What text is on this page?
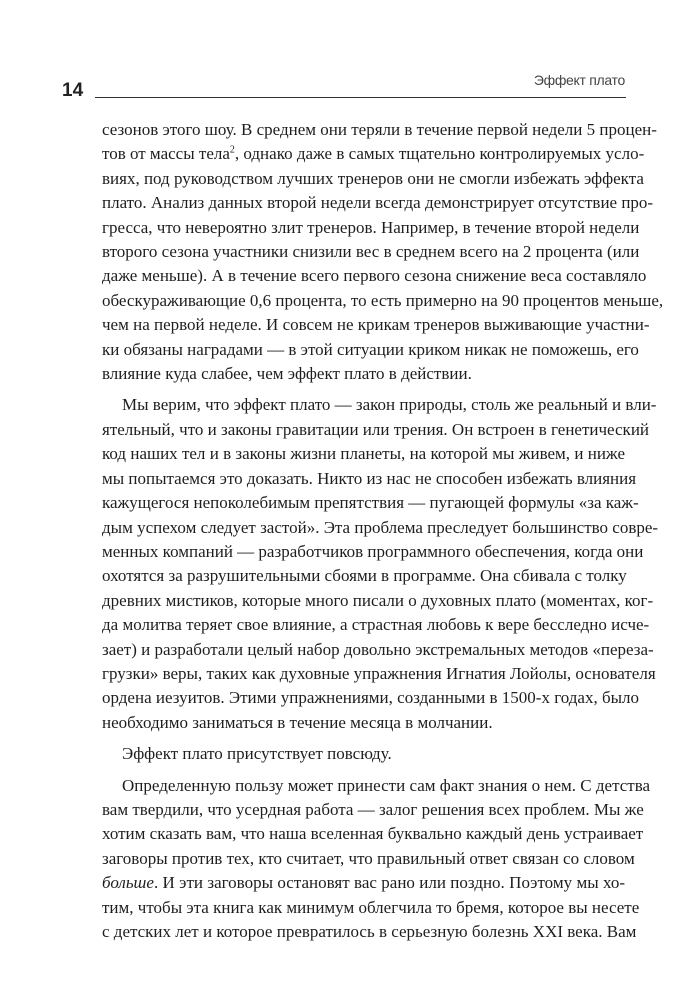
14	Эффект плато
сезонов этого шоу. В среднем они теряли в течение первой недели 5 процен-
тов от массы тела$^2$, однако даже в самых тщательно контролируемых усло-
виях, под руководством лучших тренеров они не смогли избежать эффекта
плато. Анализ данных второй недели всегда демонстрирует отсутствие про-
гресса, что невероятно злит тренеров. Например, в течение второй недели
второго сезона участники снизили вес в среднем всего на 2 процента (или
даже меньше). А в течение всего первого сезона снижение веса составляло
обескураживающие 0,6 процента, то есть примерно на 90 процентов меньше,
чем на первой неделе. И совсем не крикам тренеров выживающие участни-
ки обязаны наградами — в этой ситуации криком никак не поможешь, его
влияние куда слабее, чем эффект плато в действии.
Мы верим, что эффект плато — закон природы, столь же реальный и вли-
ятельный, что и законы гравитации или трения. Он встроен в генетический
код наших тел и в законы жизни планеты, на которой мы живем, и ниже
мы попытаемся это доказать. Никто из нас не способен избежать влияния
кажущегося непоколебимым препятствия — пугающей формулы «за каж-
дым успехом следует застой». Эта проблема преследует большинство совре-
менных компаний — разработчиков программного обеспечения, когда они
охотятся за разрушительными сбоями в программе. Она сбивала с толку
древних мистиков, которые много писали о духовных плато (моментах, ког-
да молитва теряет свое влияние, а страстная любовь к вере бесследно исче-
зает) и разработали целый набор довольно экстремальных методов «переза-
грузки» веры, таких как духовные упражнения Игнатия Лойолы, основателя
ордена иезуитов. Этими упражнениями, созданными в 1500-х годах, было
необходимо заниматься в течение месяца в молчании.
Эффект плато присутствует повсюду.
Определенную пользу может принести сам факт знания о нем. С детства
вам твердили, что усердная работа — залог решения всех проблем. Мы же
хотим сказать вам, что наша вселенная буквально каждый день устраивает
заговоры против тех, кто считает, что правильный ответ связан со словом
больше. И эти заговоры остановят вас рано или поздно. Поэтому мы хо-
тим, чтобы эта книга как минимум облегчила то бремя, которое вы несете
с детских лет и которое превратилось в серьезную болезнь XXI века. Вам
